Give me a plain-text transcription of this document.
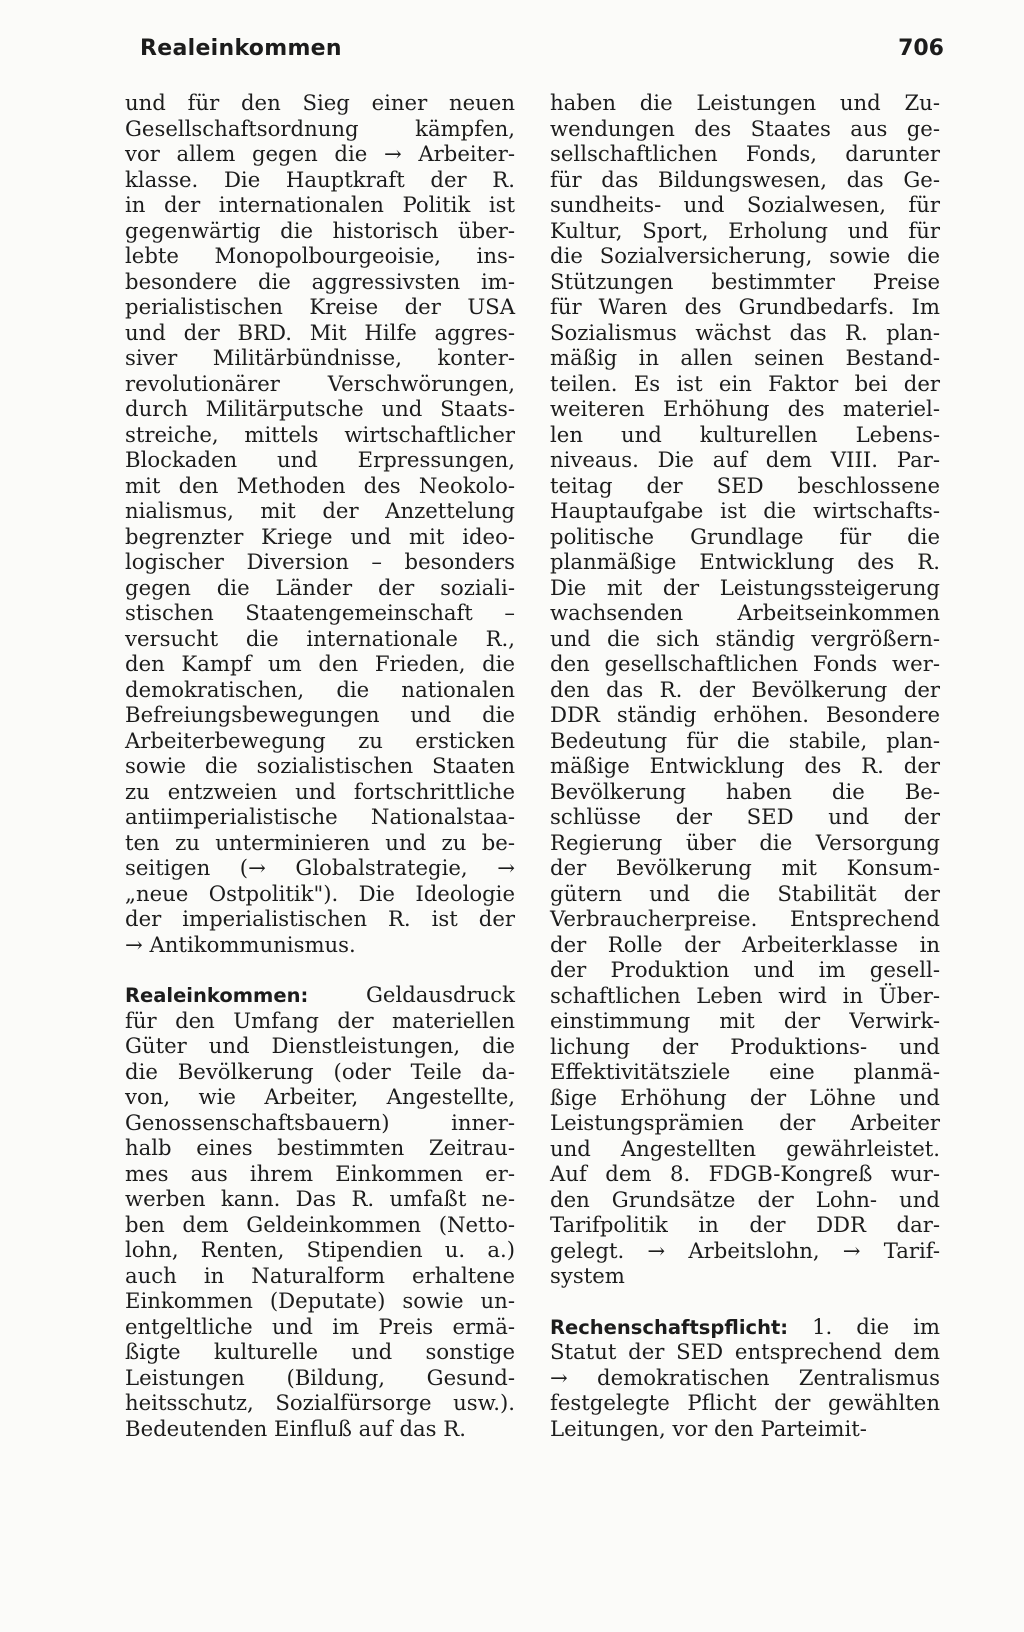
Realeinkommen	706
und für den Sieg einer neuen
Gesellschaftsordnung kämpfen,
vor allem gegen die → Arbeiter-
klasse. Die Hauptkraft der R.
in der internationalen Politik ist
gegenwärtig die historisch über-
lebte Monopolbourgeoisie, ins-
besondere die aggressivsten im-
perialistischen Kreise der USA
und der BRD. Mit Hilfe aggres-
siver Militärbündnisse, konter-
revolutionärer Verschwörungen,
durch Militärputsche und Staats-
streiche, mittels wirtschaftlicher
Blockaden und Erpressungen,
mit den Methoden des Neokolo-
nialismus, mit der Anzettelung
begrenzter Kriege und mit ideo-
logischer Diversion – besonders
gegen die Länder der soziali-
stischen Staatengemeinschaft –
versucht die internationale R.,
den Kampf um den Frieden, die
demokratischen, die nationalen
Befreiungsbewegungen und die
Arbeiterbewegung zu ersticken
sowie die sozialistischen Staaten
zu entzweien und fortschrittliche
antiimperialistische Nationalstaa-
ten zu unterminieren und zu be-
seitigen (→ Globalstrategie, →
„neue Ostpolitik"). Die Ideologie
der imperialistischen R. ist der
→ Antikommunismus.
Realeinkommen: Geldausdruck
für den Umfang der materiellen
Güter und Dienstleistungen, die
die Bevölkerung (oder Teile da-
von, wie Arbeiter, Angestellte,
Genossenschaftsbauern) inner-
halb eines bestimmten Zeitrau-
mes aus ihrem Einkommen er-
werben kann. Das R. umfaßt ne-
ben dem Geldeinkommen (Netto-
lohn, Renten, Stipendien u. a.)
auch in Naturalform erhaltene
Einkommen (Deputate) sowie un-
entgeltliche und im Preis ermä-
ßigte kulturelle und sonstige
Leistungen (Bildung, Gesund-
heitsschutz, Sozialfürsorge usw.).
Bedeutenden Einfluß auf das R.
haben die Leistungen und Zu-
wendungen des Staates aus ge-
sellschaftlichen Fonds, darunter
für das Bildungswesen, das Ge-
sundheits- und Sozialwesen, für
Kultur, Sport, Erholung und für
die Sozialversicherung, sowie die
Stützungen bestimmter Preise
für Waren des Grundbedarfs. Im
Sozialismus wächst das R. plan-
mäßig in allen seinen Bestand-
teilen. Es ist ein Faktor bei der
weiteren Erhöhung des materiel-
len und kulturellen Lebens-
niveaus. Die auf dem VIII. Par-
teitag der SED beschlossene
Hauptaufgabe ist die wirtschafts-
politische Grundlage für die
planmäßige Entwicklung des R.
Die mit der Leistungssteigerung
wachsenden Arbeitseinkommen
und die sich ständig vergrößern-
den gesellschaftlichen Fonds wer-
den das R. der Bevölkerung der
DDR ständig erhöhen. Besondere
Bedeutung für die stabile, plan-
mäßige Entwicklung des R. der
Bevölkerung haben die Be-
schlüsse der SED und der
Regierung über die Versorgung
der Bevölkerung mit Konsum-
gütern und die Stabilität der
Verbraucherpreise. Entsprechend
der Rolle der Arbeiterklasse in
der Produktion und im gesell-
schaftlichen Leben wird in Über-
einstimmung mit der Verwirk-
lichung der Produktions- und
Effektivitätsziele eine planmä-
ßige Erhöhung der Löhne und
Leistungsprämien der Arbeiter
und Angestellten gewährleistet.
Auf dem 8. FDGB-Kongreß wur-
den Grundsätze der Lohn- und
Tarifpolitik in der DDR dar-
gelegt. → Arbeitslohn, → Tarif-
system
Rechenschaftspflicht: 1. die im
Statut der SED entsprechend dem
→ demokratischen Zentralismus
festgelegte Pflicht der gewählten
Leitungen, vor den Parteimit-
